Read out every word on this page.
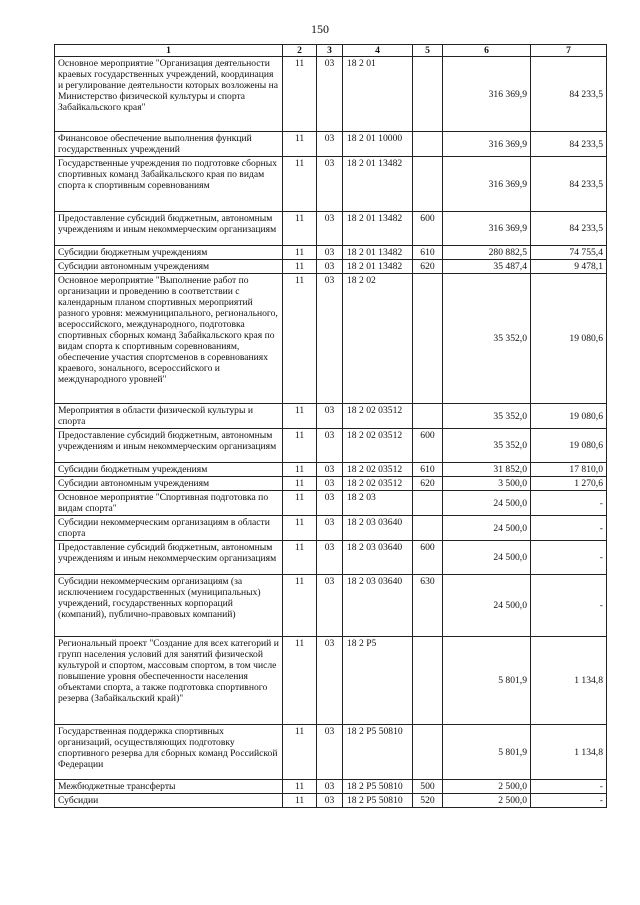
150
1	2	3	4	5	6	7
Основное мероприятие "Организация деятельности краевых государственных учреждений, координация и регулирование деятельности которых возложены на Министерство физической культуры и спорта Забайкальского края"	11	03	18 2 01		316 369,9	84 233,5
Финансовое обеспечение выполнения функций государственных учреждений	11	03	18 2 01 10000		316 369,9	84 233,5
Государственные учреждения по подготовке сборных спортивных команд Забайкальского края по видам спорта к спортивным соревнованиям	11	03	18 2 01 13482		316 369,9	84 233,5
Предоставление субсидий бюджетным, автономным учреждениям и иным некоммерческим организациям	11	03	18 2 01 13482	600	316 369,9	84 233,5
Субсидии бюджетным учреждениям	11	03	18 2 01 13482	610	280 882,5	74 755,4
Субсидии автономным учреждениям	11	03	18 2 01 13482	620	35 487,4	9 478,1
Основное мероприятие "Выполнение работ по организации и проведению в соответствии с календарным планом спортивных мероприятий разного уровня: межмуниципального, регионального, всероссийского, международного, подготовка спортивных сборных команд Забайкальского края по видам спорта к спортивным соревнованиям, обеспечение участия спортсменов в соревнованиях краевого, зонального, всероссийского и международного уровней"	11	03	18 2 02		35 352,0	19 080,6
Мероприятия в области физической культуры и спорта	11	03	18 2 02 03512		35 352,0	19 080,6
Предоставление субсидий бюджетным, автономным учреждениям и иным некоммерческим организациям	11	03	18 2 02 03512	600	35 352,0	19 080,6
Субсидии бюджетным учреждениям	11	03	18 2 02 03512	610	31 852,0	17 810,0
Субсидии автономным учреждениям	11	03	18 2 02 03512	620	3 500,0	1 270,6
Основное мероприятие "Спортивная подготовка по видам спорта"	11	03	18 2 03		24 500,0	-
Субсидии некоммерческим организациям в области спорта	11	03	18 2 03 03640		24 500,0	-
Предоставление субсидий бюджетным, автономным учреждениям и иным некоммерческим организациям	11	03	18 2 03 03640	600	24 500,0	-
Субсидии некоммерческим организациям (за исключением государственных (муниципальных) учреждений, государственных корпораций (компаний), публично-правовых компаний)	11	03	18 2 03 03640	630	24 500,0	-
Региональный проект "Создание для всех категорий и групп населения условий для занятий физической культурой и спортом, массовым спортом, в том числе повышение уровня обеспеченности населения объектами спорта, а также подготовка спортивного резерва (Забайкальский край)"	11	03	18 2 Р5		5 801,9	1 134,8
Государственная поддержка спортивных организаций, осуществляющих подготовку спортивного резерва для сборных команд Российской Федерации	11	03	18 2 Р5 50810		5 801,9	1 134,8
Межбюджетные трансферты	11	03	18 2 Р5 50810	500	2 500,0	-
Субсидии	11	03	18 2 Р5 50810	520	2 500,0	-
